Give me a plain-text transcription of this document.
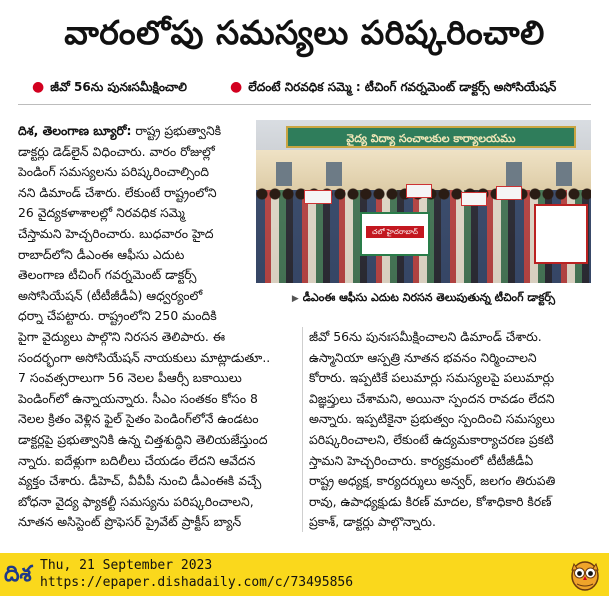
వారంలోపు సమస్యలు పరిష్కరించాలి
● జీవో 56ను పునఃసమీక్షించాలి	● లేదంటే నిరవధిక సమ్మె : టీచింగ్ గవర్నమెంట్ డాక్టర్స్ అసోసియేషన్

దిశ, తెలంగాణ బ్యూరో: రాష్ట్ర ప్రభుత్వానికి

డాక్టర్లు డెడ్‌లైన్ విధించారు. వారం రోజుల్లో

పెండింగ్ సమస్యలను పరిష్కరించాల్సింది

నని డిమాండ్ చేశారు. లేకుంటే రాష్ట్రంలోని

26 వైద్యకళాశాలల్లో నిరవధిక సమ్మె

చేస్తామని హెచ్చరించారు. బుధవారం హైద

రాబాద్‌లోని డీఎంఈ ఆఫీసు ఎదుట

తెలంగాణ టీచింగ్ గవర్నమెంట్ డాక్టర్స్

అసోసియేషన్ (టీటీజీడీఏ) ఆధ్వర్యంలో

ధర్నా చేపట్టారు. రాష్ట్రంలోని 250 మందికి

వైద్య విద్యా సంచాలకుల కార్యాలయము
చలో హైదరాబాద్
▶ డీఎంఈ ఆఫీసు ఎదుట నిరసన తెలుపుతున్న టీచింగ్ డాక్టర్స్

పైగా వైద్యులు పాల్గొని నిరసన తెలిపారు. ఈ

సందర్భంగా అసోసియేషన్ నాయకులు మాట్లాడుతూ..

7 సంవత్సరాలుగా 56 నెలల పీఆర్సీ బకాయిలు

పెండింగ్‌లో ఉన్నాయన్నారు. సీఎం సంతకం కోసం 8

నెలల క్రితం వెళ్లిన ఫైల్ సైతం పెండింగ్‌లోనే ఉండటం

డాక్టర్లపై ప్రభుత్వానికి ఉన్న చిత్తశుద్ధిని తెలియజేస్తుంద

న్నారు. ఐదేళ్లుగా బదిలీలు చేయడం లేదని ఆవేదన

వ్యక్తం చేశారు. డీహెచ్, వీవీపీ నుంచి డీఎంఈకి వచ్చే

బోధనా వైద్య ఫ్యాకల్టీ సమస్యను పరిష్కరించాలని,

నూతన అసిస్టెంట్ ప్రొఫెసర్ ప్రైవేట్ ప్రాక్టీస్ బ్యాన్

జీవో 56ను పునఃసమీక్షించాలని డిమాండ్ చేశారు.

ఉస్మానియా ఆస్పత్రి నూతన భవనం నిర్మించాలని

కోరారు. ఇప్పటికే పలుమార్లు సమస్యలపై పలుమార్లు

విజ్ఞప్తులు చేశామని, అయినా స్పందన రావడం లేదని

అన్నారు. ఇప్పటికైనా ప్రభుత్వం స్పందించి సమస్యలు

పరిష్కరించాలని, లేకుంటే ఉద్యమకార్యాచరణ ప్రకటి

స్తామని హెచ్చరించారు. కార్యక్రమంలో టీటీజీడీఏ

రాష్ట్ర అధ్యక్ష, కార్యదర్శులు అన్వర్, జలగం తిరుపతి

రావు, ఉపాధ్యక్షుడు కిరణ్ మాదల, కోశాధికారి కిరణ్

ప్రకాశ్, డాక్టర్లు పాల్గొన్నారు.

దిశ Thu, 21 September 2023
https://epaper.dishadaily.com/c/73495856
